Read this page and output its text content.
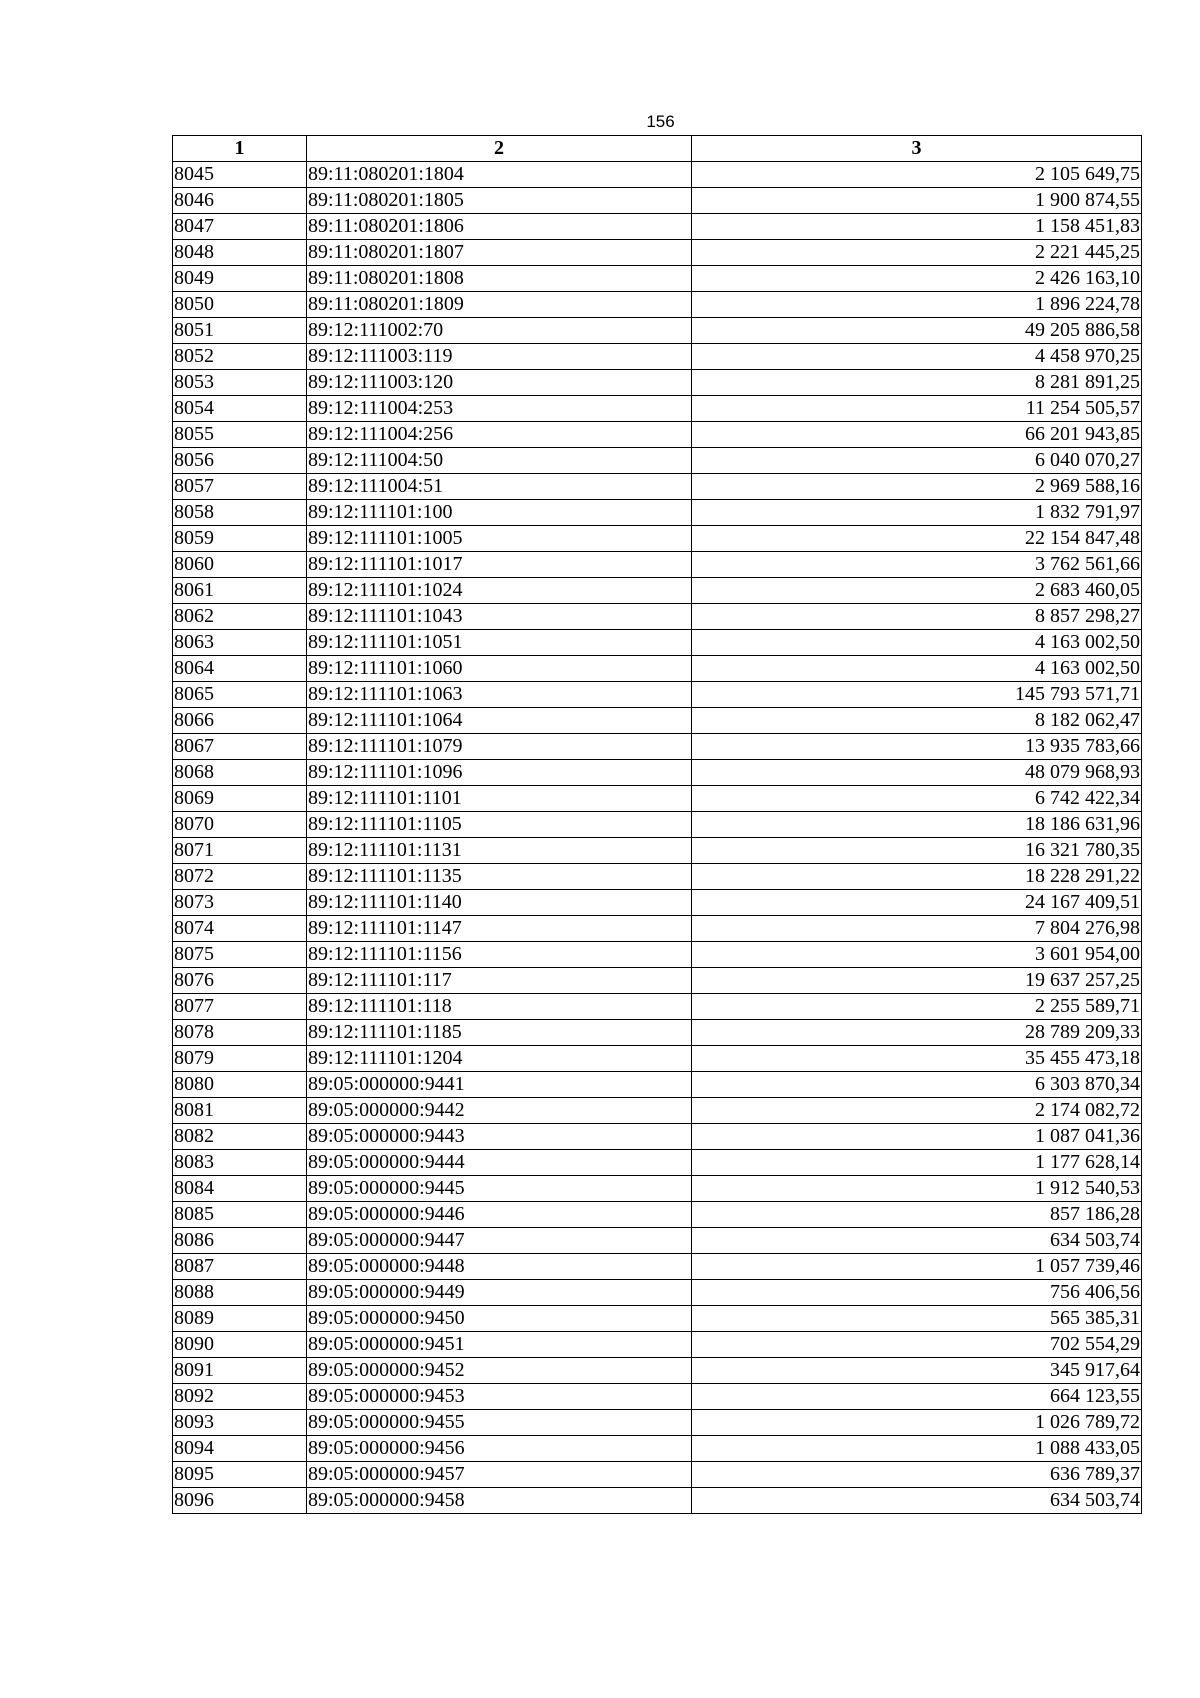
156
1	2	3
8045	89:11:080201:1804	2 105 649,75
8046	89:11:080201:1805	1 900 874,55
8047	89:11:080201:1806	1 158 451,83
8048	89:11:080201:1807	2 221 445,25
8049	89:11:080201:1808	2 426 163,10
8050	89:11:080201:1809	1 896 224,78
8051	89:12:111002:70	49 205 886,58
8052	89:12:111003:119	4 458 970,25
8053	89:12:111003:120	8 281 891,25
8054	89:12:111004:253	11 254 505,57
8055	89:12:111004:256	66 201 943,85
8056	89:12:111004:50	6 040 070,27
8057	89:12:111004:51	2 969 588,16
8058	89:12:111101:100	1 832 791,97
8059	89:12:111101:1005	22 154 847,48
8060	89:12:111101:1017	3 762 561,66
8061	89:12:111101:1024	2 683 460,05
8062	89:12:111101:1043	8 857 298,27
8063	89:12:111101:1051	4 163 002,50
8064	89:12:111101:1060	4 163 002,50
8065	89:12:111101:1063	145 793 571,71
8066	89:12:111101:1064	8 182 062,47
8067	89:12:111101:1079	13 935 783,66
8068	89:12:111101:1096	48 079 968,93
8069	89:12:111101:1101	6 742 422,34
8070	89:12:111101:1105	18 186 631,96
8071	89:12:111101:1131	16 321 780,35
8072	89:12:111101:1135	18 228 291,22
8073	89:12:111101:1140	24 167 409,51
8074	89:12:111101:1147	7 804 276,98
8075	89:12:111101:1156	3 601 954,00
8076	89:12:111101:117	19 637 257,25
8077	89:12:111101:118	2 255 589,71
8078	89:12:111101:1185	28 789 209,33
8079	89:12:111101:1204	35 455 473,18
8080	89:05:000000:9441	6 303 870,34
8081	89:05:000000:9442	2 174 082,72
8082	89:05:000000:9443	1 087 041,36
8083	89:05:000000:9444	1 177 628,14
8084	89:05:000000:9445	1 912 540,53
8085	89:05:000000:9446	857 186,28
8086	89:05:000000:9447	634 503,74
8087	89:05:000000:9448	1 057 739,46
8088	89:05:000000:9449	756 406,56
8089	89:05:000000:9450	565 385,31
8090	89:05:000000:9451	702 554,29
8091	89:05:000000:9452	345 917,64
8092	89:05:000000:9453	664 123,55
8093	89:05:000000:9455	1 026 789,72
8094	89:05:000000:9456	1 088 433,05
8095	89:05:000000:9457	636 789,37
8096	89:05:000000:9458	634 503,74
